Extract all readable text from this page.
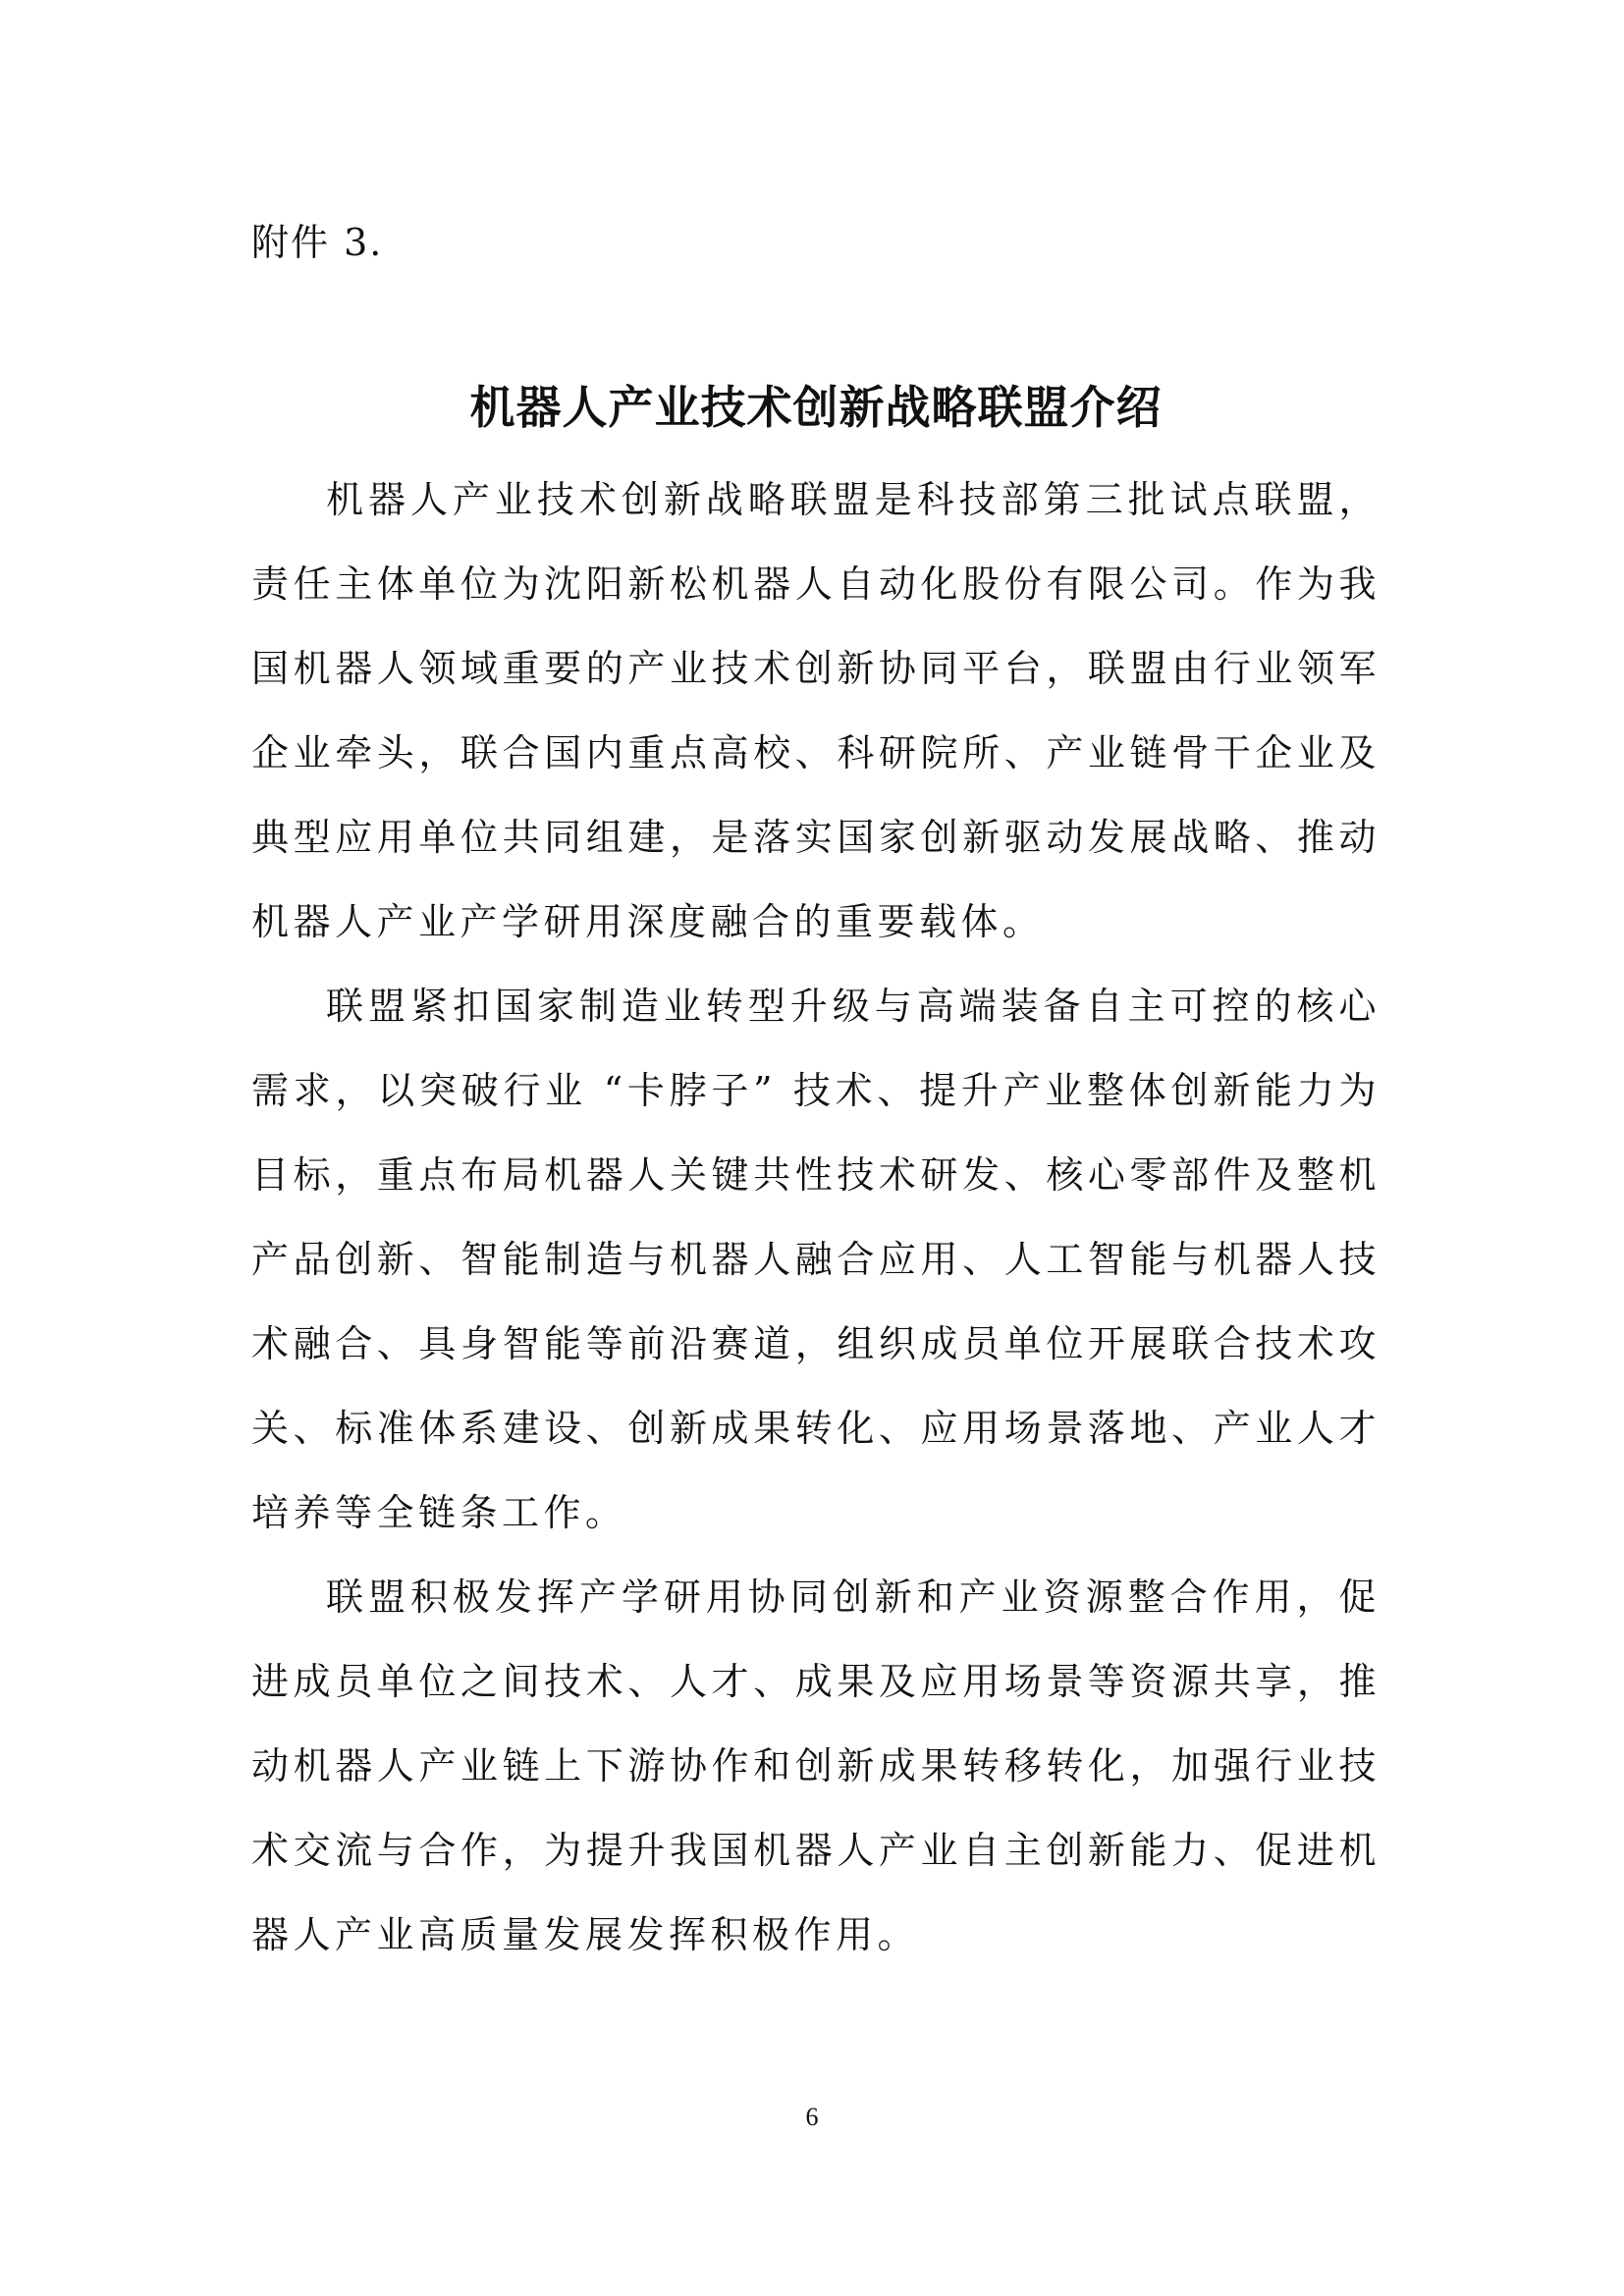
附件 3.
机器人产业技术创新战略联盟介绍

机器人产业技术创新战略联盟是科技部第三批试点联盟，责任主体单位为沈阳新松机器人自动化股份有限公司。作为我国机器人领域重要的产业技术创新协同平台，联盟由行业领军企业牵头，联合国内重点高校、科研院所、产业链骨干企业及典型应用单位共同组建，是落实国家创新驱动发展战略、推动机器人产业产学研用深度融合的重要载体。

联盟紧扣国家制造业转型升级与高端装备自主可控的核心需求，以突破行业 “卡脖子” 技术、提升产业整体创新能力为目标，重点布局机器人关键共性技术研发、核心零部件及整机产品创新、智能制造与机器人融合应用、人工智能与机器人技术融合、具身智能等前沿赛道，组织成员单位开展联合技术攻关、标准体系建设、创新成果转化、应用场景落地、产业人才培养等全链条工作。

联盟积极发挥产学研用协同创新和产业资源整合作用，促进成员单位之间技术、人才、成果及应用场景等资源共享，推动机器人产业链上下游协作和创新成果转移转化，加强行业技术交流与合作，为提升我国机器人产业自主创新能力、促进机器人产业高质量发展发挥积极作用。

6
